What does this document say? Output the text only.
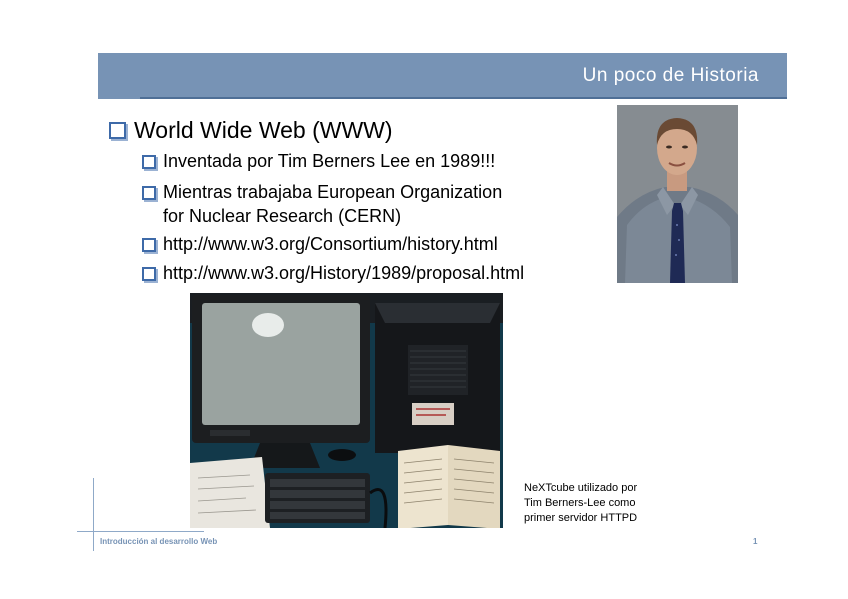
Un poco de Historia
World Wide Web (WWW)
Inventada por Tim Berners Lee en 1989!!!
Mientras trabajaba European Organization
for Nuclear Research (CERN)
http://www.w3.org/Consortium/history.html
http://www.w3.org/History/1989/proposal.html
NeXTcube utilizado por
Tim Berners-Lee como
primer servidor HTTPD
Introducción al desarrollo Web	1
